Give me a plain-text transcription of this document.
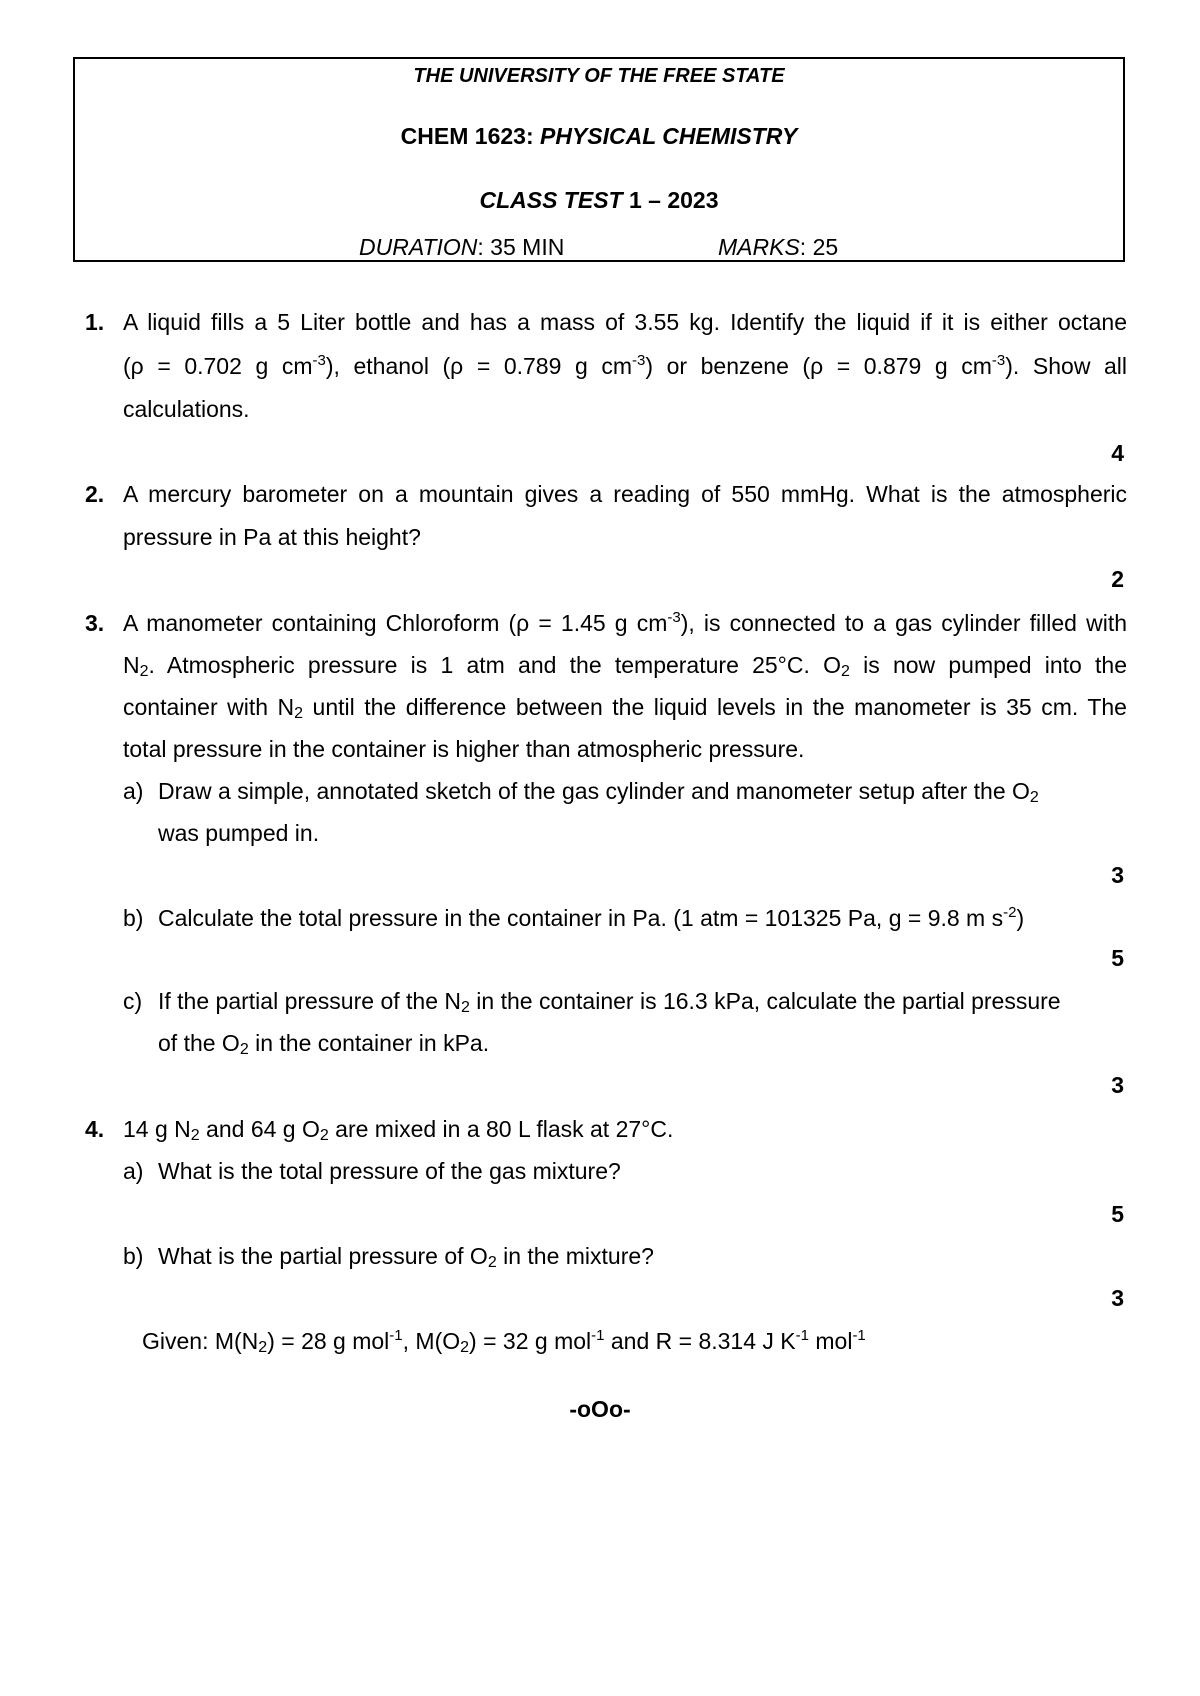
THE UNIVERSITY OF THE FREE STATE
CHEM 1623: PHYSICAL CHEMISTRY
CLASS TEST 1 – 2023
DURATION: 35 MIN	MARKS: 25
1. A liquid fills a 5 Liter bottle and has a mass of 3.55 kg. Identify the liquid if it is either octane
(ρ = 0.702 g $cm^{-3}$), ethanol (ρ = 0.789 g $cm^{-3}$) or benzene (ρ = 0.879 g $cm^{-3}$). Show all
calculations.
4
2. A mercury barometer on a mountain gives a reading of 550 mmHg. What is the atmospheric
pressure in Pa at this height?
2
3. A manometer containing Chloroform (ρ = 1.45 g $cm^{-3}$), is connected to a gas cylinder filled with
$N_2$. Atmospheric pressure is 1 atm and the temperature 25°C. $O_2$ is now pumped into the
container with $N_2$ until the difference between the liquid levels in the manometer is 35 cm. The
total pressure in the container is higher than atmospheric pressure.
a) Draw a simple, annotated sketch of the gas cylinder and manometer setup after the $O_2$
was pumped in.
3
b) Calculate the total pressure in the container in Pa. (1 atm = 101325 Pa, g = 9.8 m $s^{-2}$)
5
c) If the partial pressure of the $N_2$ in the container is 16.3 kPa, calculate the partial pressure
of the $O_2$ in the container in kPa.
3
4. 14 g $N_2$ and 64 g $O_2$ are mixed in a 80 L flask at 27°C.
a) What is the total pressure of the gas mixture?
5
b) What is the partial pressure of $O_2$ in the mixture?
3
Given: $M(N_2) = 28$ g mol$^{-1}$, $M(O_2) = 32$ g mol$^{-1}$ and R = 8.314 J $K^{-1}$ mol$^{-1}$
-oOo-
